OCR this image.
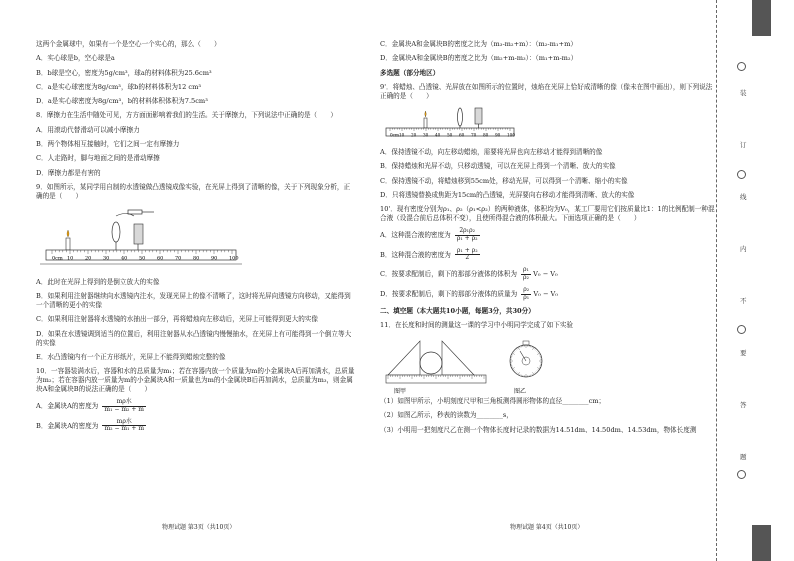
这两个金属球中，如果有一个是空心一个实心的，那么（　　）

A．实心球是b，空心球是a

B．b球是空心，密度为5g/cm³，球a的材料体积为25.6cm³

C．a是实心球密度为8g/cm³，球b的材料体积为12 cm³

D．a是实心球密度为8g/cm³，b的材料体积体积为7.5cm³

8．摩擦力在生活中随处可见，方方面面影响着我们的生活。关于摩擦力，下列说法中正确的是（　　）

A．用滚动代替滑动可以减小摩擦力

B．两个物体相互接触时，它们之间一定有摩擦力

C．人走路时，脚与地面之间的是滑动摩擦

D．摩擦力都是有害的

9．如图所示，某同学用自制的水透镜做凸透镜成像实验，在光屏上得到了清晰的像，关于下列现象分析，正确的是（　　）

0cm 10 20 30 40 50 60 70 80 90 100

A．此时在光屏上得到的是倒立放大的实像

B．如果利用注射器继续向水透镜内注水，发现光屏上的像不清晰了，这时将光屏向透镜方向移动，又能得到一个清晰的更小的实像

C．如果利用注射器将水透镜的水抽出一部分，再将蜡烛向左移动后，光屏上可能得到更大的实像

D．如果在水透镜调到适当的位置后，利用注射器从水凸透镜内慢慢抽水，在光屏上有可能得到一个倒立等大的实像

E．水凸透镜内有一个正方形纸片，光屏上不能得到蜡烛完整的像

10．一容器装满水后，容器和水的总质量为m₁；若在容器内放一个质量为m的小金属块A后再加满水，总质量为m₂；若在容器内放一质量为m的小金属块A和一质量也为m的小金属块B后再加满水，总质量为m₃，则金属块A和金属块B的说法正确的是（　　）

A．金属块A的密度为 $\frac{\text{mρ水}}{\text{m₁ − m₂ + m}}$

B．金属块A的密度为 $\frac{\text{mρ水}}{\text{m₂ − m₁ + m}}$

C．金属块A和金属块B的密度之比为（m₃-m₂+m）：（m₂-m₁+m）

D．金属块A和金属块B的密度之比为（m₂+m-m₃）：（m₁+m-m₂）

多选题（部分地区）

9'．将蜡烛、凸透镜、光屏放在如图所示的位置时，烛焰在光屏上恰好成清晰的像（像未在图中画出），则下列说法正确的是（　　）

0cm 10 20 30 40 50 60 70 80 90 100

A．保持透镜不动，向左移动蜡烛，需要将光屏也向左移动才能得到清晰的像

B．保持蜡烛和光屏不动，只移动透镜，可以在光屏上得到一个清晰、放大的实像

C．保持透镜不动，将蜡烛移到55cm处，移动光屏，可以得到一个清晰、缩小的实像

D．只将透镜替换成焦距为15cm的凸透镜，光屏要向右移动才能得到清晰、放大的实像

10'．现有密度分别为ρ₁、ρ₂（ρ₁<ρ₂）的两种液体，体积均为V₀，某工厂要用它们按质量比1：1的比例配制一种混合液（设混合前后总体积不变），且使所得混合液的体积最大。下面选项正确的是（　　）

A．这种混合液的密度为 $\frac{\text{2ρ₁ρ₂}}{\text{ρ₁ + ρ₂}}$

B．这种混合液的密度为 $\frac{\text{ρ₁ + ρ₂}}{2}$

C．按要求配制后，剩下的那部分液体的体积为 $\frac{\text{ρ₁}}{\text{ρ₂}} V_0 - V_0$

D．按要求配制后，剩下的那部分液体的质量为 $\frac{\text{ρ₂}}{\text{ρ₁}} V_0 - V_0$

二、填空题（本大题共10小题，每题3分，共30分）

11．在长度和时间的测量这一课的学习中小明同学完成了如下实验

图甲	图乙

（1）如图甲所示，小明刻度尺甲和三角板测得圆形物体的直径________cm；

（2）如图乙所示，秒表的读数为________s，

（3）小明用一把刻度尺乙在测一个物体长度时记录的数据为14.51dm、14.50dm、14.53dm，物体长度测

物理试题 第3页（共10页）	物理试题 第4页（共10页）
装
订
线
内
不
要
答
题
